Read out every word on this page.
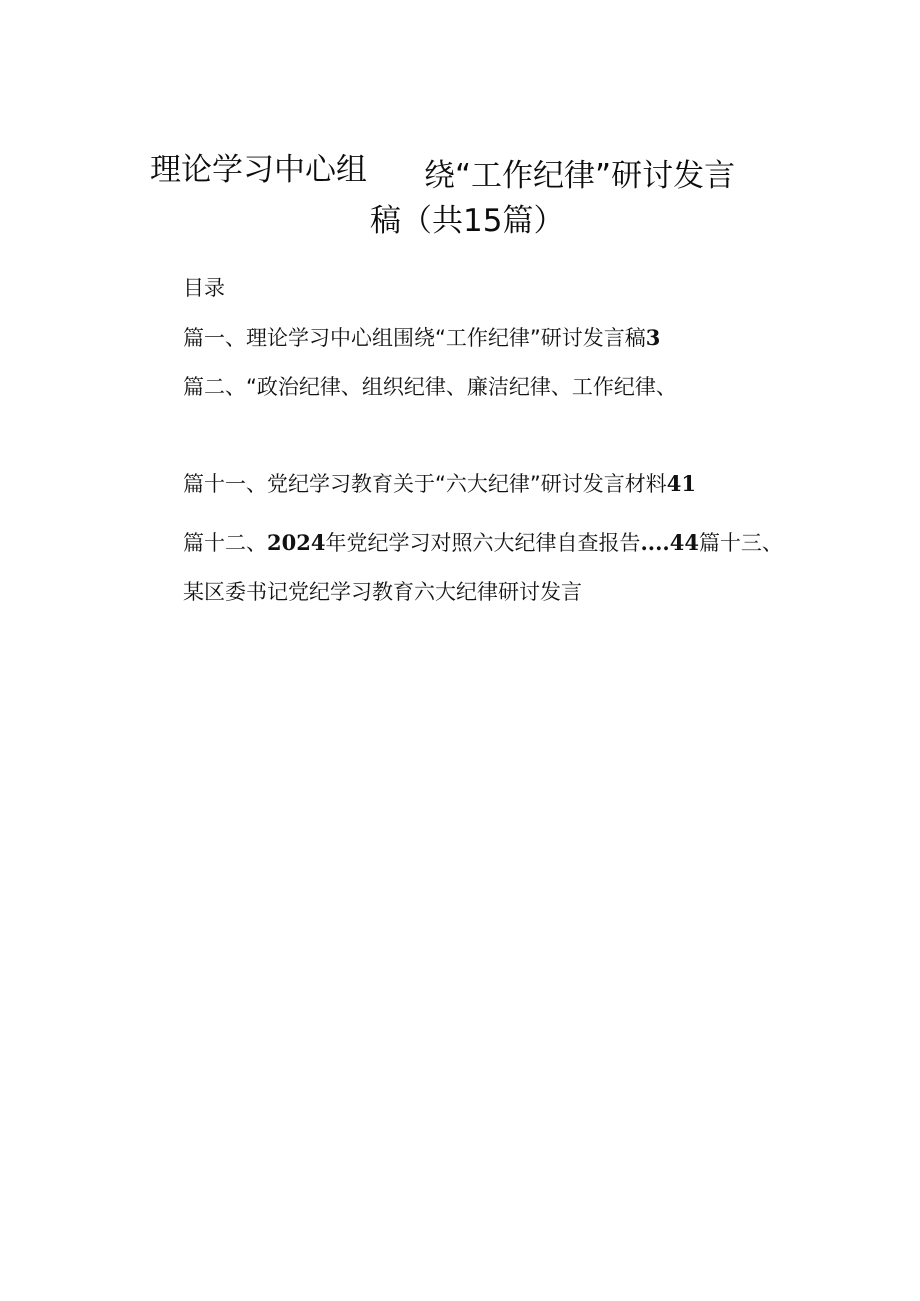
理论学习中心组 绕“工作纪律”研讨发言
稿（共15篇）
目录
篇一、理论学习中心组围绕“工作纪律”研讨发言稿3
篇二、“政治纪律、组织纪律、廉洁纪律、工作纪律、
篇十一、党纪学习教育关于“六大纪律”研讨发言材料41
篇十二、2024年党纪学习对照六大纪律自查报告....44篇十三、
某区委书记党纪学习教育六大纪律研讨发言
